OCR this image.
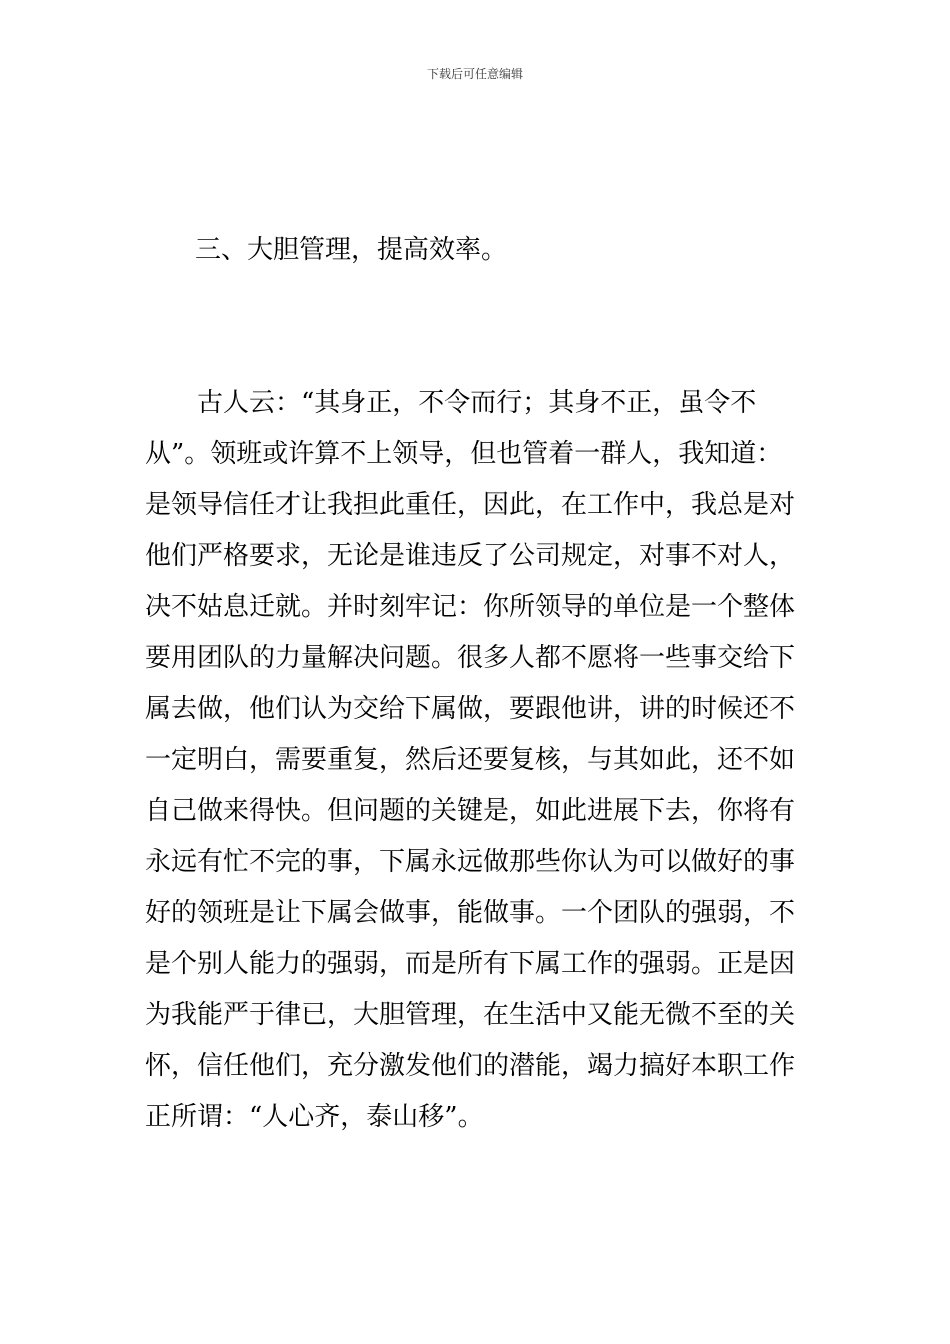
下载后可任意编辑
三、大胆管理，提高效率。
古人云：“其身正，不令而行；其身不正，虽令不
从”。领班或许算不上领导，但也管着一群人，我知道：
是领导信任才让我担此重任，因此，在工作中，我总是对
他们严格要求，无论是谁违反了公司规定，对事不对人，
决不姑息迁就。并时刻牢记：你所领导的单位是一个整体
要用团队的力量解决问题。很多人都不愿将一些事交给下
属去做，他们认为交给下属做，要跟他讲，讲的时候还不
一定明白，需要重复，然后还要复核，与其如此，还不如
自己做来得快。但问题的关键是，如此进展下去，你将有
永远有忙不完的事，下属永远做那些你认为可以做好的事
好的领班是让下属会做事，能做事。一个团队的强弱，不
是个别人能力的强弱，而是所有下属工作的强弱。正是因
为我能严于律已，大胆管理，在生活中又能无微不至的关
怀，信任他们，充分激发他们的潜能，竭力搞好本职工作
正所谓：“人心齐，泰山移”。
